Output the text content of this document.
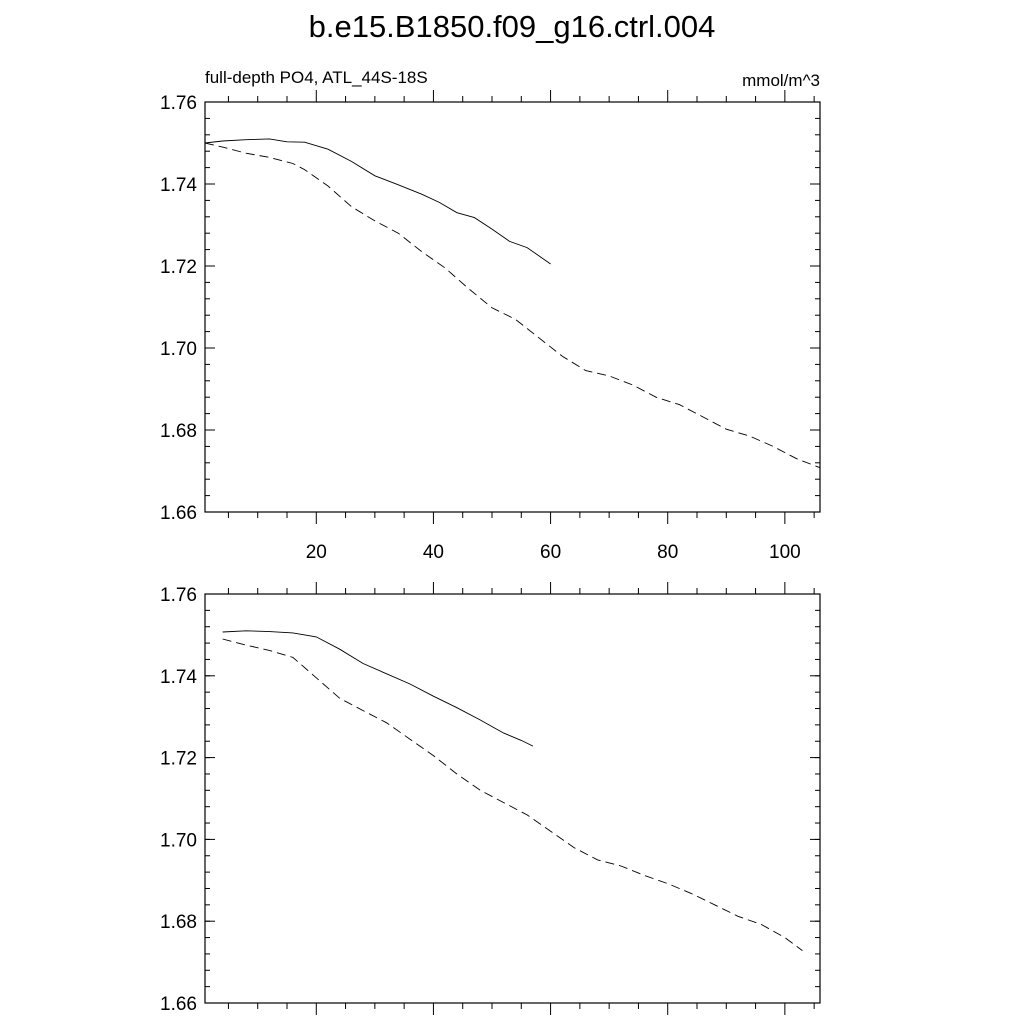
b.e15.B1850.f09_g16.ctrl.004
full-depth PO4, ATL_44S-18S	mmol/m^3
1.66
1.68
1.70
1.72
1.74
1.76
20	40	60	80	100
1.66
1.68
1.70
1.72
1.74
1.76
